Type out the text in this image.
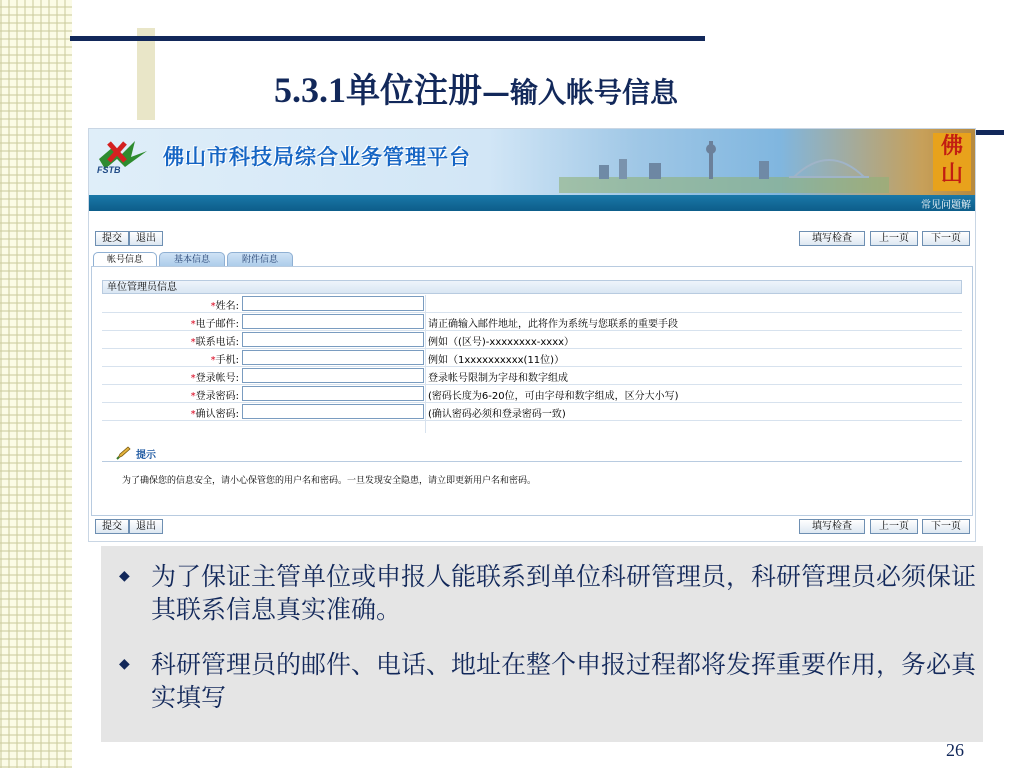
5.3.1单位注册—输入帐号信息
FSTB
佛山市科技局综合业务管理平台	佛山
常见问题解
提交	退出	填写检查	上一页	下一页
帐号信息	基本信息	附件信息
单位管理员信息
*姓名:
*电子邮件:	请正确输入邮件地址，此将作为系统与您联系的重要手段
*联系电话:	例如（(区号)-xxxxxxxx-xxxx）
*手机:	例如（1xxxxxxxxxx(11位)）
*登录帐号:	登录帐号限制为字母和数字组成
*登录密码:	(密码长度为6-20位，可由字母和数字组成，区分大小写)
*确认密码:	(确认密码必须和登录密码一致)
提示
为了确保您的信息安全，请小心保管您的用户名和密码。一旦发现安全隐患，请立即更新用户名和密码。
提交	退出	填写检查	上一页	下一页
◆ 为了保证主管单位或申报人能联系到单位科研管理员，科研管理员必须保证其联系信息真实准确。
◆ 科研管理员的邮件、电话、地址在整个申报过程都将发挥重要作用，务必真实填写
26
